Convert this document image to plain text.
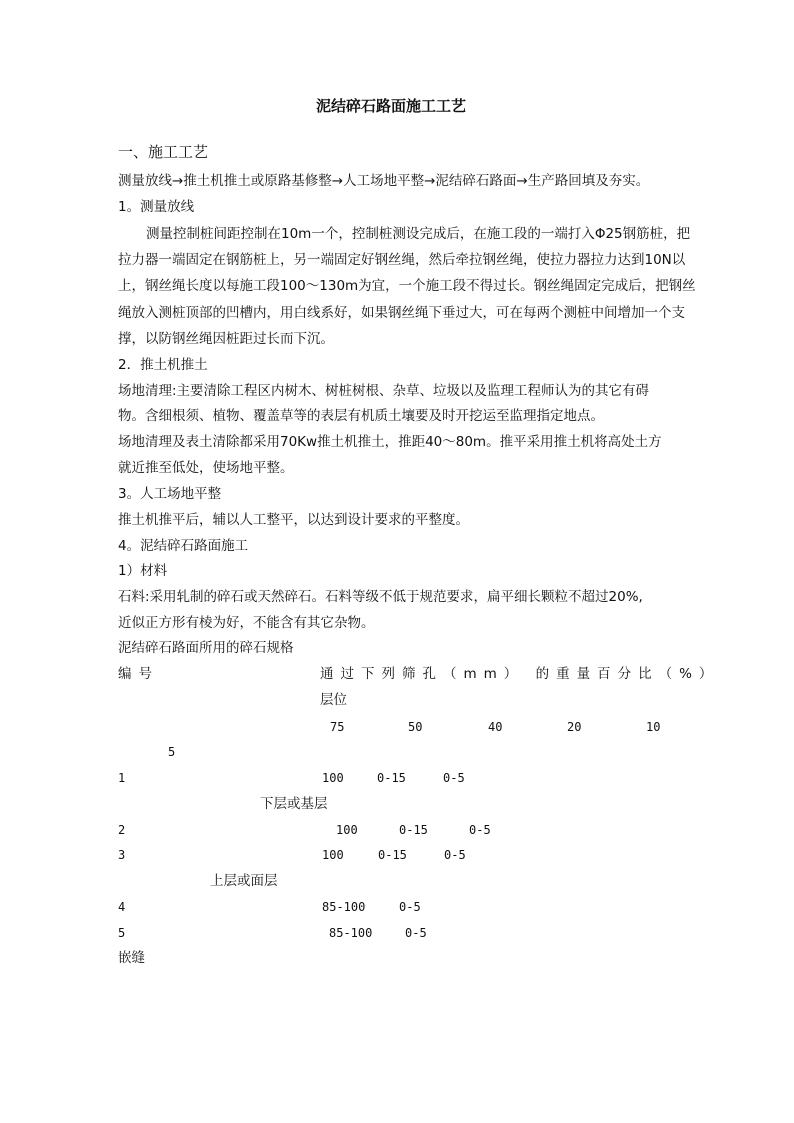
泥结碎石路面施工工艺
一、施工工艺
测量放线→推土机推土或原路基修整→人工场地平整→泥结碎石路面→生产路回填及夯实。
1。测量放线
测量控制桩间距控制在10m一个，控制桩测设完成后，在施工段的一端打入Φ25钢筋桩，把
拉力器一端固定在钢筋桩上，另一端固定好钢丝绳，然后牵拉钢丝绳，使拉力器拉力达到10N以
上，钢丝绳长度以每施工段100～130m为宜，一个施工段不得过长。钢丝绳固定完成后，把钢丝
绳放入测桩顶部的凹槽内，用白线系好，如果钢丝绳下垂过大，可在每两个测桩中间增加一个支
撑，以防钢丝绳因桩距过长而下沉。
2．推土机推土
场地清理:主要清除工程区内树木、树桩树根、杂草、垃圾以及监理工程师认为的其它有碍
物。含细根须、植物、覆盖草等的表层有机质土壤要及时开挖运至监理指定地点。
场地清理及表土清除都采用70Kw推土机推土，推距40～80m。推平采用推土机将高处土方
就近推至低处，使场地平整。
3。人工场地平整
推土机推平后，辅以人工整平，以达到设计要求的平整度。
4。泥结碎石路面施工
1）材料
石料:采用轧制的碎石或天然碎石。石料等级不低于规范要求，扁平细长颗粒不超过20%,
近似正方形有棱为好，不能含有其它杂物。
泥结碎石路面所用的碎石规格
编号	通过下列筛孔（mm） 的重量百分比（%）
层位
75	50	40	20	10
5
1	100	0-15	0-5
下层或基层
2	100	0-15	0-5
3	100	0-15	0-5
上层或面层
4	85-100	0-5
5	85-100	0-5
嵌缝
